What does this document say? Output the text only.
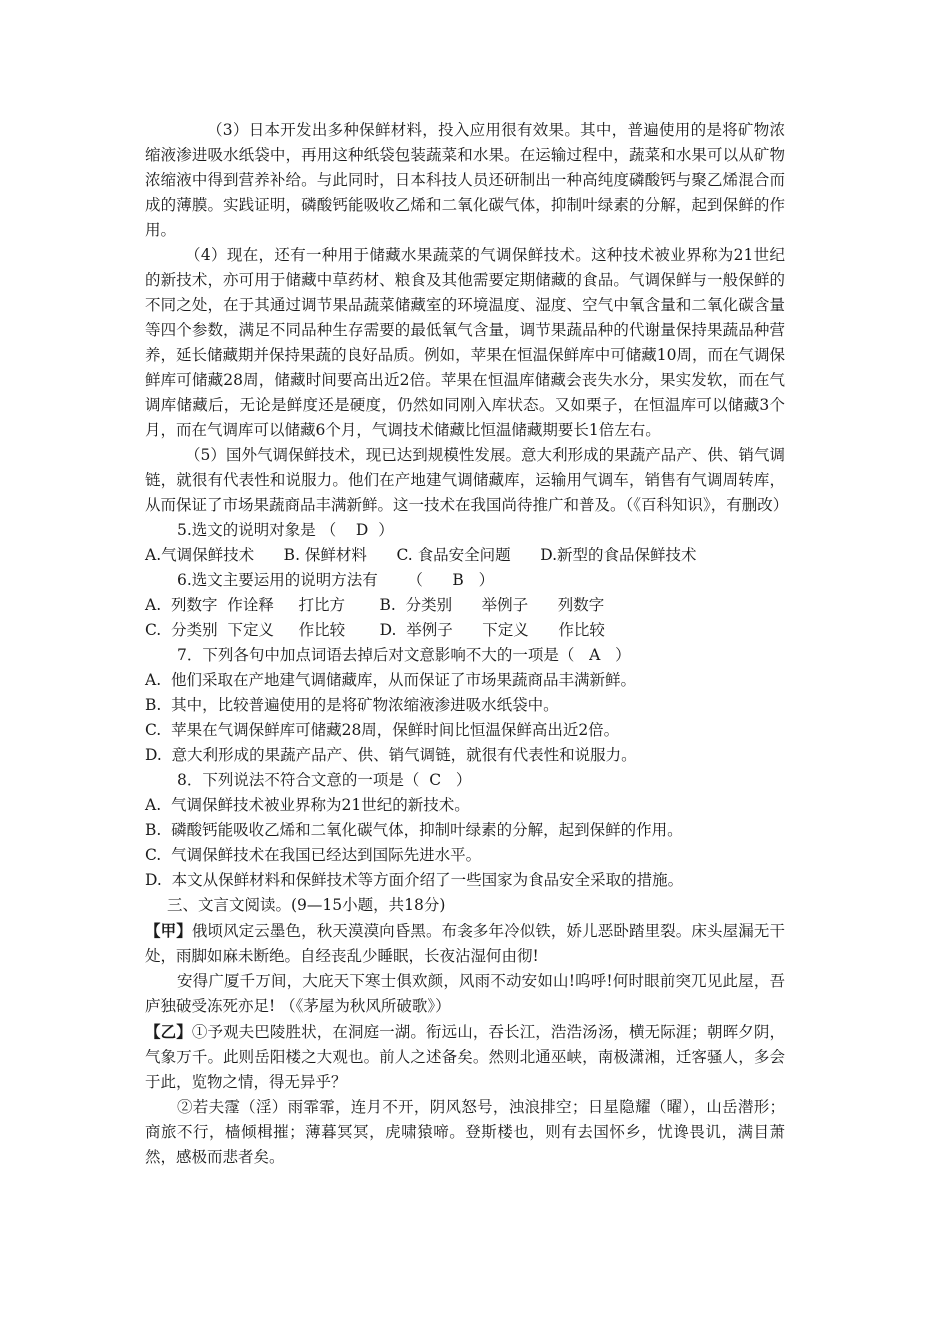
（3）日本开发出多种保鲜材料，投入应用很有效果。其中，普遍使用的是将矿物浓缩液渗进吸水纸袋中，再用这种纸袋包装蔬菜和水果。在运输过程中，蔬菜和水果可以从矿物浓缩液中得到营养补给。与此同时，日本科技人员还研制出一种高纯度磷酸钙与聚乙烯混合而成的薄膜。实践证明，磷酸钙能吸收乙烯和二氧化碳气体，抑制叶绿素的分解，起到保鲜的作用。

（4）现在，还有一种用于储藏水果蔬菜的气调保鲜技术。这种技术被业界称为21世纪的新技术，亦可用于储藏中草药材、粮食及其他需要定期储藏的食品。气调保鲜与一般保鲜的不同之处，在于其通过调节果品蔬菜储藏室的环境温度、湿度、空气中氧含量和二氧化碳含量等四个参数，满足不同品种生存需要的最低氧气含量，调节果蔬品种的代谢量保持果蔬品种营养，延长储藏期并保持果蔬的良好品质。例如，苹果在恒温保鲜库中可储藏10周，而在气调保鲜库可储藏28周，储藏时间要高出近2倍。苹果在恒温库储藏会丧失水分，果实发软，而在气调库储藏后，无论是鲜度还是硬度，仍然如同刚入库状态。又如栗子，在恒温库可以储藏3个月，而在气调库可以储藏6个月，气调技术储藏比恒温储藏期要长1倍左右。

（5）国外气调保鲜技术，现已达到规模性发展。意大利形成的果蔬产品产、供、销气调链，就很有代表性和说服力。他们在产地建气调储藏库，运输用气调车，销售有气调周转库，从而保证了市场果蔬商品丰满新鲜。这一技术在我国尚待推广和普及。（《百科知识》，有删改）

5.选文的说明对象是 （    D  ）

A.气调保鲜技术      B. 保鲜材料      C. 食品安全问题      D.新型的食品保鲜技术

6.选文主要运用的说明方法有      （      B   ）

A.  列数字  作诠释     打比方       B.  分类别      举例子      列数字

C.  分类别  下定义     作比较       D.  举例子      下定义      作比较

7．下列各句中加点词语去掉后对文意影响不大的一项是（   A   ）

A.  他们采取在产地建气调储藏库，从而保证了市场果蔬商品丰满新鲜。

B.  其中，比较普遍使用的是将矿物浓缩液渗进吸水纸袋中。

C.  苹果在气调保鲜库可储藏28周，保鲜时间比恒温保鲜高出近2倍。

D.  意大利形成的果蔬产品产、供、销气调链，就很有代表性和说服力。

8．下列说法不符合文意的一项是（  C   ）

A.  气调保鲜技术被业界称为21世纪的新技术。

B.  磷酸钙能吸收乙烯和二氧化碳气体，抑制叶绿素的分解，起到保鲜的作用。

C.  气调保鲜技术在我国已经达到国际先进水平。

D.  本文从保鲜材料和保鲜技术等方面介绍了一些国家为食品安全采取的措施。

三、文言文阅读。(9—15小题，共18分)

【甲】俄顷风定云墨色，秋天漠漠向昏黑。布衾多年冷似铁，娇儿恶卧踏里裂。床头屋漏无干处，雨脚如麻未断绝。自经丧乱少睡眠，长夜沾湿何由彻!

安得广厦千万间，大庇天下寒士俱欢颜，风雨不动安如山!呜呼!何时眼前突兀见此屋，吾庐独破受冻死亦足! （《茅屋为秋风所破歌》）

【乙】①予观夫巴陵胜状，在洞庭一湖。衔远山，吞长江，浩浩汤汤，横无际涯；朝晖夕阴，气象万千。此则岳阳楼之大观也。前人之述备矣。然则北通巫峡，南极潇湘，迁客骚人，多会于此，览物之情，得无异乎？

②若夫霪（淫）雨霏霏，连月不开，阴风怒号，浊浪排空；日星隐耀（曜），山岳潜形；商旅不行，樯倾楫摧；薄暮冥冥，虎啸猿啼。登斯楼也，则有去国怀乡，忧谗畏讥，满目萧然，感极而悲者矣。
